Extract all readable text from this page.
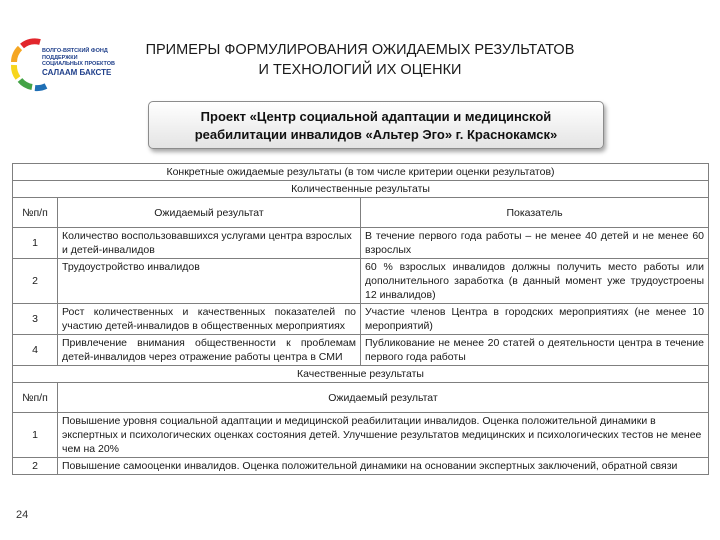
ВОЛГО-ВЯТСКИЙ ФОНД ПОДДЕРЖКИ
СОЦИАЛЬНЫХ ПРОЕКТОВ
САЛААМ БАКСТЕ
ПРИМЕРЫ ФОРМУЛИРОВАНИЯ ОЖИДАЕМЫХ РЕЗУЛЬТАТОВ
И ТЕХНОЛОГИЙ ИХ ОЦЕНКИ
Проект «Центр социальной адаптации и медицинской
реабилитации инвалидов «Альтер Эго» г. Краснокамск»
Конкретные ожидаемые результаты (в том числе критерии оценки результатов)		
Количественные результаты		
№п/п	Ожидаемый результат	Показатель
1	Количество воспользовавшихся услугами центра взрослых и детей-инвалидов	В течение первого года работы – не менее 40 детей и не менее 60 взрослых
2	Трудоустройство инвалидов	60 % взрослых инвалидов должны получить место работы или дополнительного заработка (в данный момент уже трудоустроены 12 инвалидов)
3	Рост количественных и качественных показателей по участию детей-инвалидов в общественных мероприятиях	Участие членов Центра в городских мероприятиях (не менее 10 мероприятий)
4	Привлечение внимания общественности к проблемам детей-инвалидов через отражение работы центра в СМИ	Публикование не менее 20 статей о деятельности центра в течение первого года работы
Качественные результаты		
№п/п	Ожидаемый результат	
1	Повышение уровня социальной адаптации и медицинской реабилитации инвалидов. Оценка положительной динамики в экспертных и психологических оценках состояния детей. Улучшение результатов медицинских и психологических тестов не менее чем на 20%	
2	Повышение самооценки инвалидов. Оценка положительной динамики на основании экспертных заключений, обратной связи	
24
